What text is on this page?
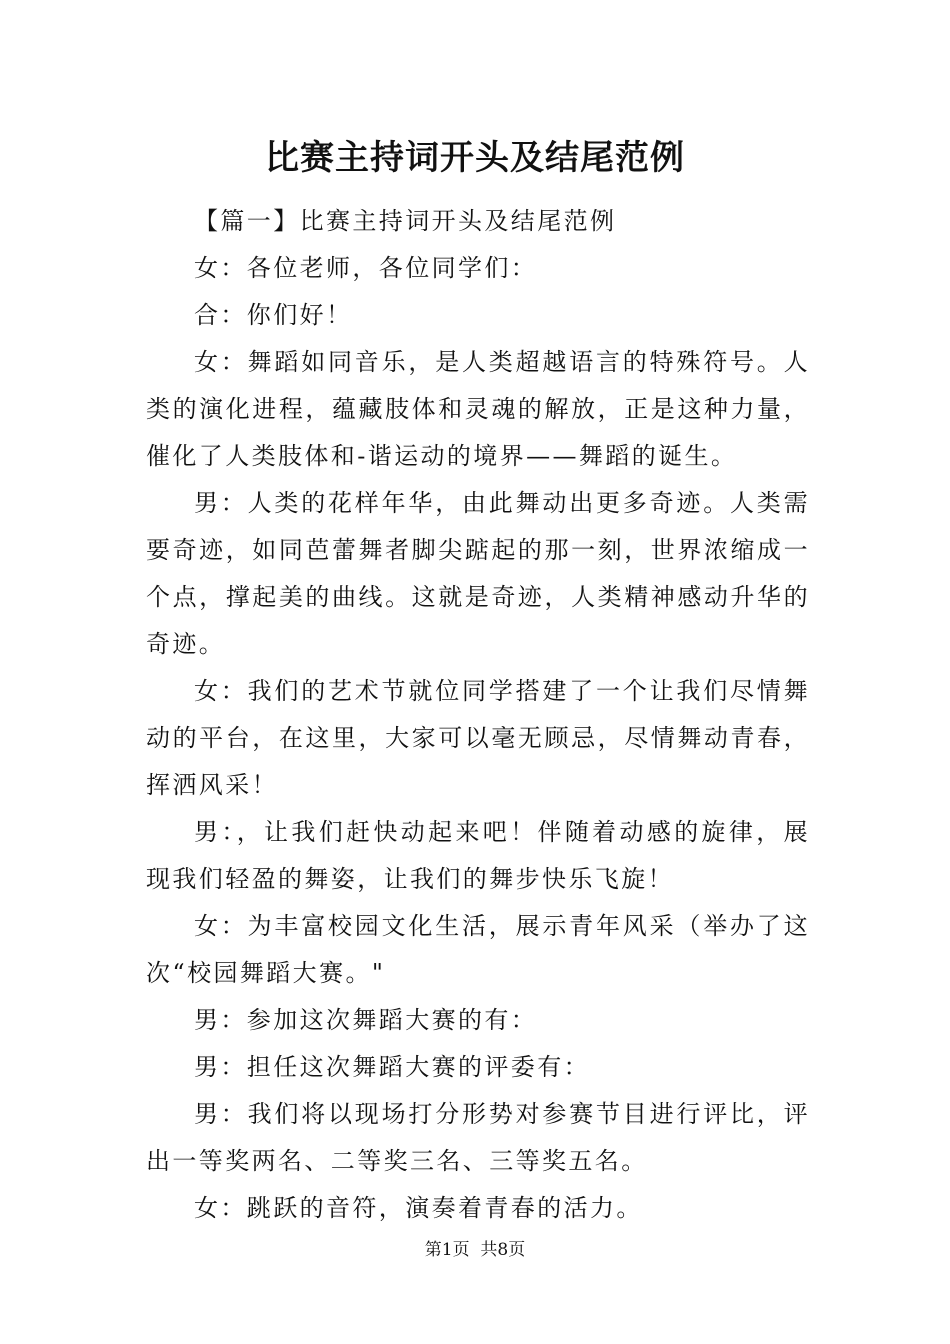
比赛主持词开头及结尾范例

【篇一】比赛主持词开头及结尾范例

女：各位老师，各位同学们：

合：你们好！

女：舞蹈如同音乐，是人类超越语言的特殊符号。人类的演化进程，蕴藏肢体和灵魂的解放，正是这种力量，催化了人类肢体和-谐运动的境界——舞蹈的诞生。

男：人类的花样年华，由此舞动出更多奇迹。人类需要奇迹，如同芭蕾舞者脚尖踮起的那一刻，世界浓缩成一个点，撑起美的曲线。这就是奇迹，人类精神感动升华的奇迹。

女：我们的艺术节就位同学搭建了一个让我们尽情舞动的平台，在这里，大家可以毫无顾忌，尽情舞动青春，挥洒风采！

男：，让我们赶快动起来吧！伴随着动感的旋律，展现我们轻盈的舞姿，让我们的舞步快乐飞旋！

女：为丰富校园文化生活，展示青年风采（举办了这次“校园舞蹈大赛。"

男：参加这次舞蹈大赛的有：

男：担任这次舞蹈大赛的评委有：

男：我们将以现场打分形势对参赛节目进行评比，评出一等奖两名、二等奖三名、三等奖五名。

女：跳跃的音符，演奏着青春的活力。

第1页 共8页
